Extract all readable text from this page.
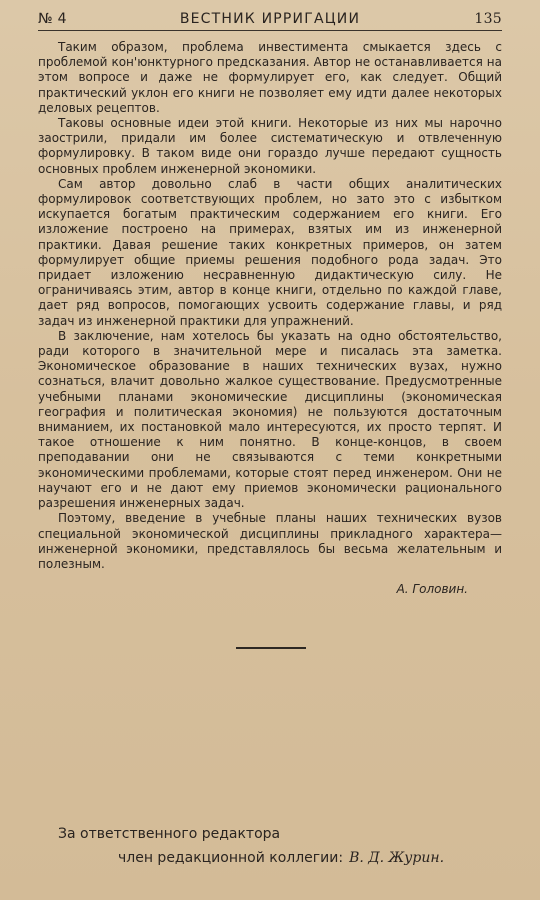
№ 4	ВЕСТНИК ИРРИГАЦИИ	135

Таким образом, проблема инвестимента смыкается здесь с проблемой кон'юнктурного предсказания. Автор не останавливается на этом вопросе и даже не формулирует его, как следует. Общий практический уклон его книги не позволяет ему идти далее некоторых деловых рецептов.

Таковы основные идеи этой книги. Некоторые из них мы нарочно заострили, придали им более систематическую и отвлеченную формулировку. В таком виде они гораздо лучше передают сущность основных проблем инженерной экономики.

Сам автор довольно слаб в части общих аналитических формулировок соответствующих проблем, но зато это с избытком искупается богатым практическим содержанием его книги. Его изложение построено на примерах, взятых им из инженерной практики. Давая решение таких конкретных примеров, он затем формулирует общие приемы решения подобного рода задач. Это придает изложению несравненную дидактическую силу. Не ограничиваясь этим, автор в конце книги, отдельно по каждой главе, дает ряд вопросов, помогающих усвоить содержание главы, и ряд задач из инженерной практики для упражнений.

В заключение, нам хотелось бы указать на одно обстоятельство, ради которого в значительной мере и писалась эта заметка. Экономическое образование в наших технических вузах, нужно сознаться, влачит довольно жалкое существование. Предусмотренные учебными планами экономические дисциплины (экономическая география и политическая экономия) не пользуются достаточным вниманием, их постановкой мало интересуются, их просто терпят. И такое отношение к ним понятно. В конце-концов, в своем преподавании они не связываются с теми конкретными экономическими проблемами, которые стоят перед инженером. Они не научают его и не дают ему приемов экономически рационального разрешения инженерных задач.

Поэтому, введение в учебные планы наших технических вузов специальной экономической дисциплины прикладного характера—инженерной экономики, представлялось бы весьма желательным и полезным.

А. Головин.
За ответственного редактора
член редакционной коллегии: В. Д. Журин.
